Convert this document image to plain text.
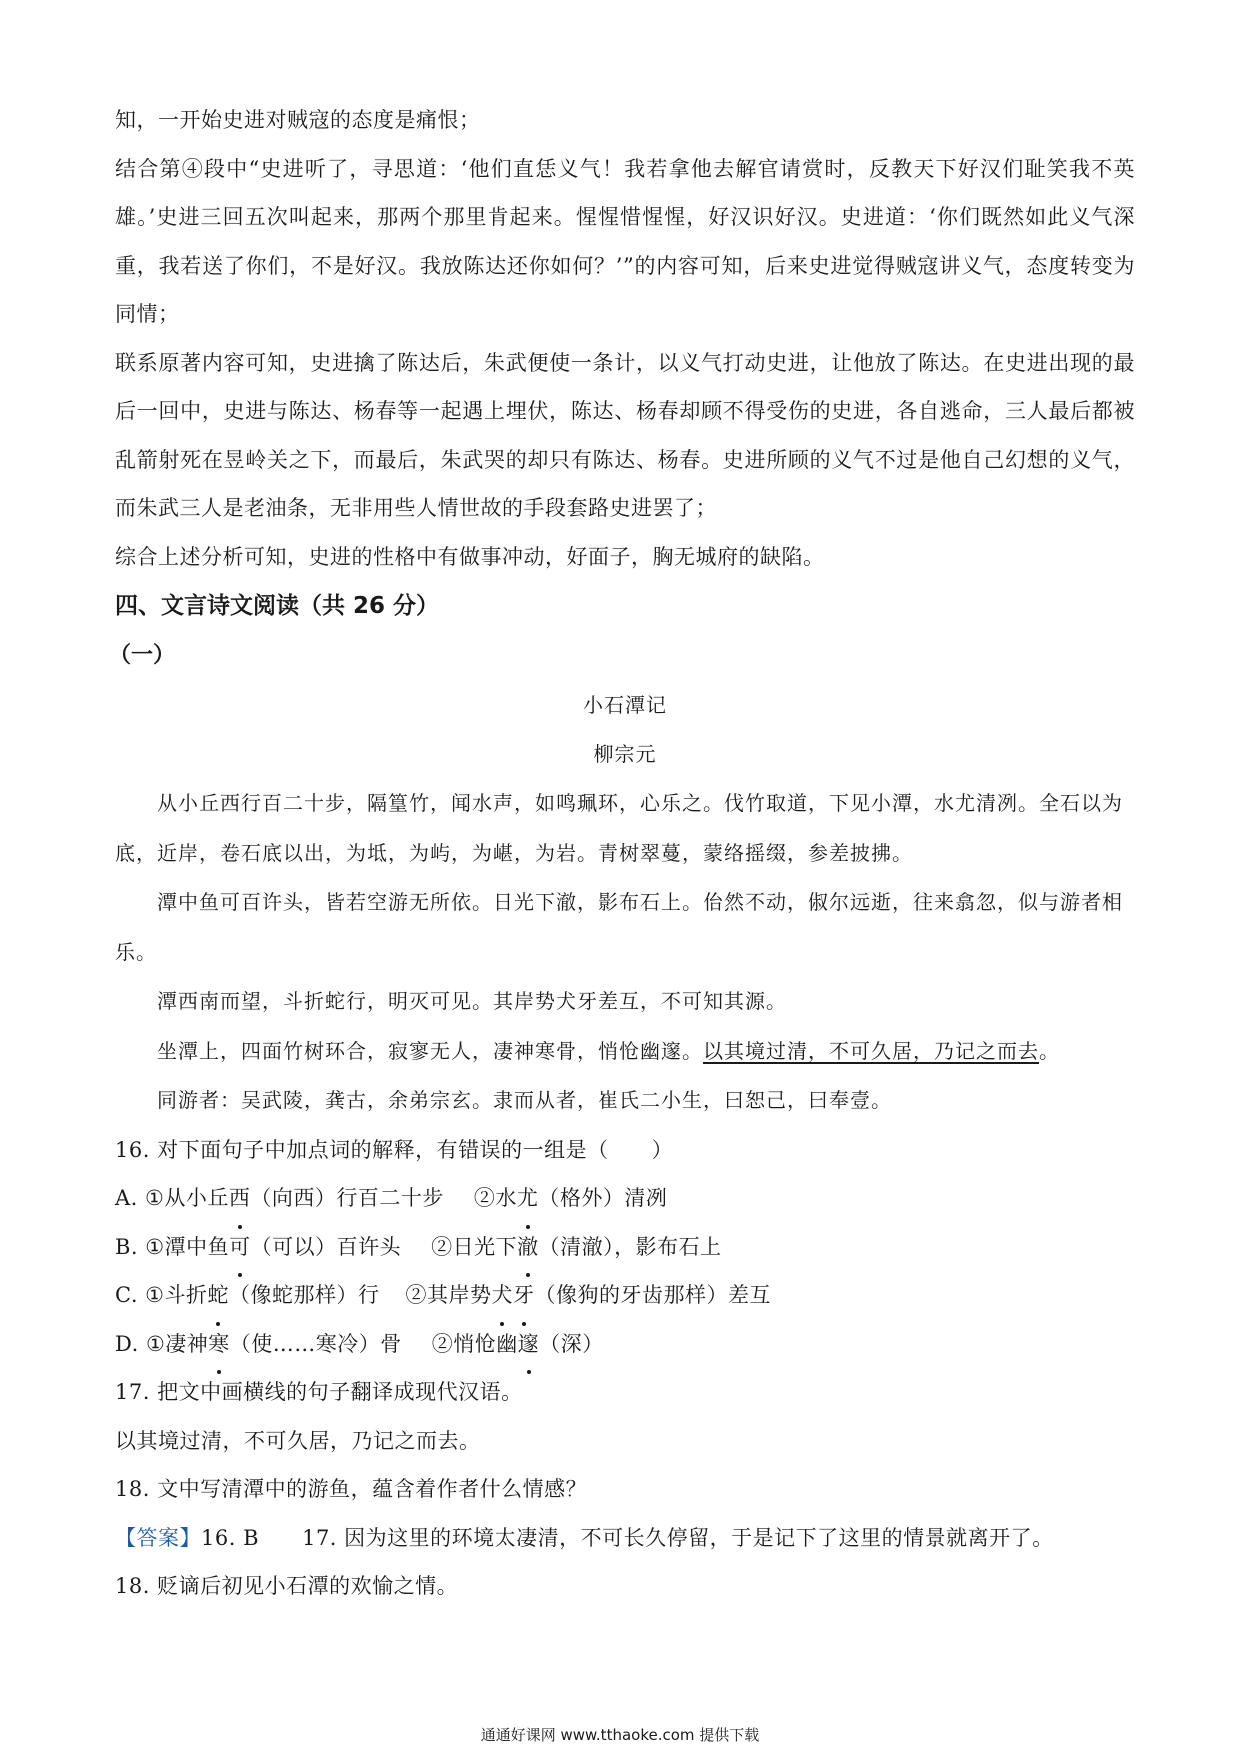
知，一开始史进对贼寇的态度是痛恨；

结合第④段中“史进听了，寻思道：‘他们直恁义气！我若拿他去解官请赏时，反教天下好汉们耻笑我不英雄。’史进三回五次叫起来，那两个那里肯起来。惺惺惜惺惺，好汉识好汉。史进道：‘你们既然如此义气深重，我若送了你们，不是好汉。我放陈达还你如何？’”的内容可知，后来史进觉得贼寇讲义气，态度转变为同情；

联系原著内容可知，史进擒了陈达后，朱武便使一条计，以义气打动史进，让他放了陈达。在史进出现的最后一回中，史进与陈达、杨春等一起遇上埋伏，陈达、杨春却顾不得受伤的史进，各自逃命，三人最后都被乱箭射死在昱岭关之下，而最后，朱武哭的却只有陈达、杨春。史进所顾的义气不过是他自己幻想的义气，而朱武三人是老油条，无非用些人情世故的手段套路史进罢了；

综合上述分析可知，史进的性格中有做事冲动，好面子，胸无城府的缺陷。

四、文言诗文阅读（共 26 分）

（一）

小石潭记

柳宗元

从小丘西行百二十步，隔篁竹，闻水声，如鸣珮环，心乐之。伐竹取道，下见小潭，水尤清冽。全石以为底，近岸，卷石底以出，为坻，为屿，为嵁，为岩。青树翠蔓，蒙络摇缀，参差披拂。

潭中鱼可百许头，皆若空游无所依。日光下澈，影布石上。佁然不动，俶尔远逝，往来翕忽，似与游者相乐。

潭西南而望，斗折蛇行，明灭可见。其岸势犬牙差互，不可知其源。

坐潭上，四面竹树环合，寂寥无人，凄神寒骨，悄怆幽邃。以其境过清，不可久居，乃记之而去。

同游者：吴武陵，龚古，余弟宗玄。隶而从者，崔氏二小生，曰恕己，曰奉壹。

16. 对下面句子中加点词的解释，有错误的一组是（　　）

A. ①从小丘西（向西）行百二十步 ②水尤（格外）清冽

B. ①潭中鱼可（可以）百许头 ②日光下澈（清澈），影布石上

C. ①斗折蛇（像蛇那样）行 ②其岸势犬牙（像狗的牙齿那样）差互

D. ①凄神寒（使……寒冷）骨 ②悄怆幽邃（深）

17. 把文中画横线的句子翻译成现代汉语。

以其境过清，不可久居，乃记之而去。

18. 文中写清潭中的游鱼，蕴含着作者什么情感？

【答案】16. B 17. 因为这里的环境太凄清，不可长久停留，于是记下了这里的情景就离开了。

18. 贬谪后初见小石潭的欢愉之情。

通通好课网 www.tthaoke.com 提供下载
